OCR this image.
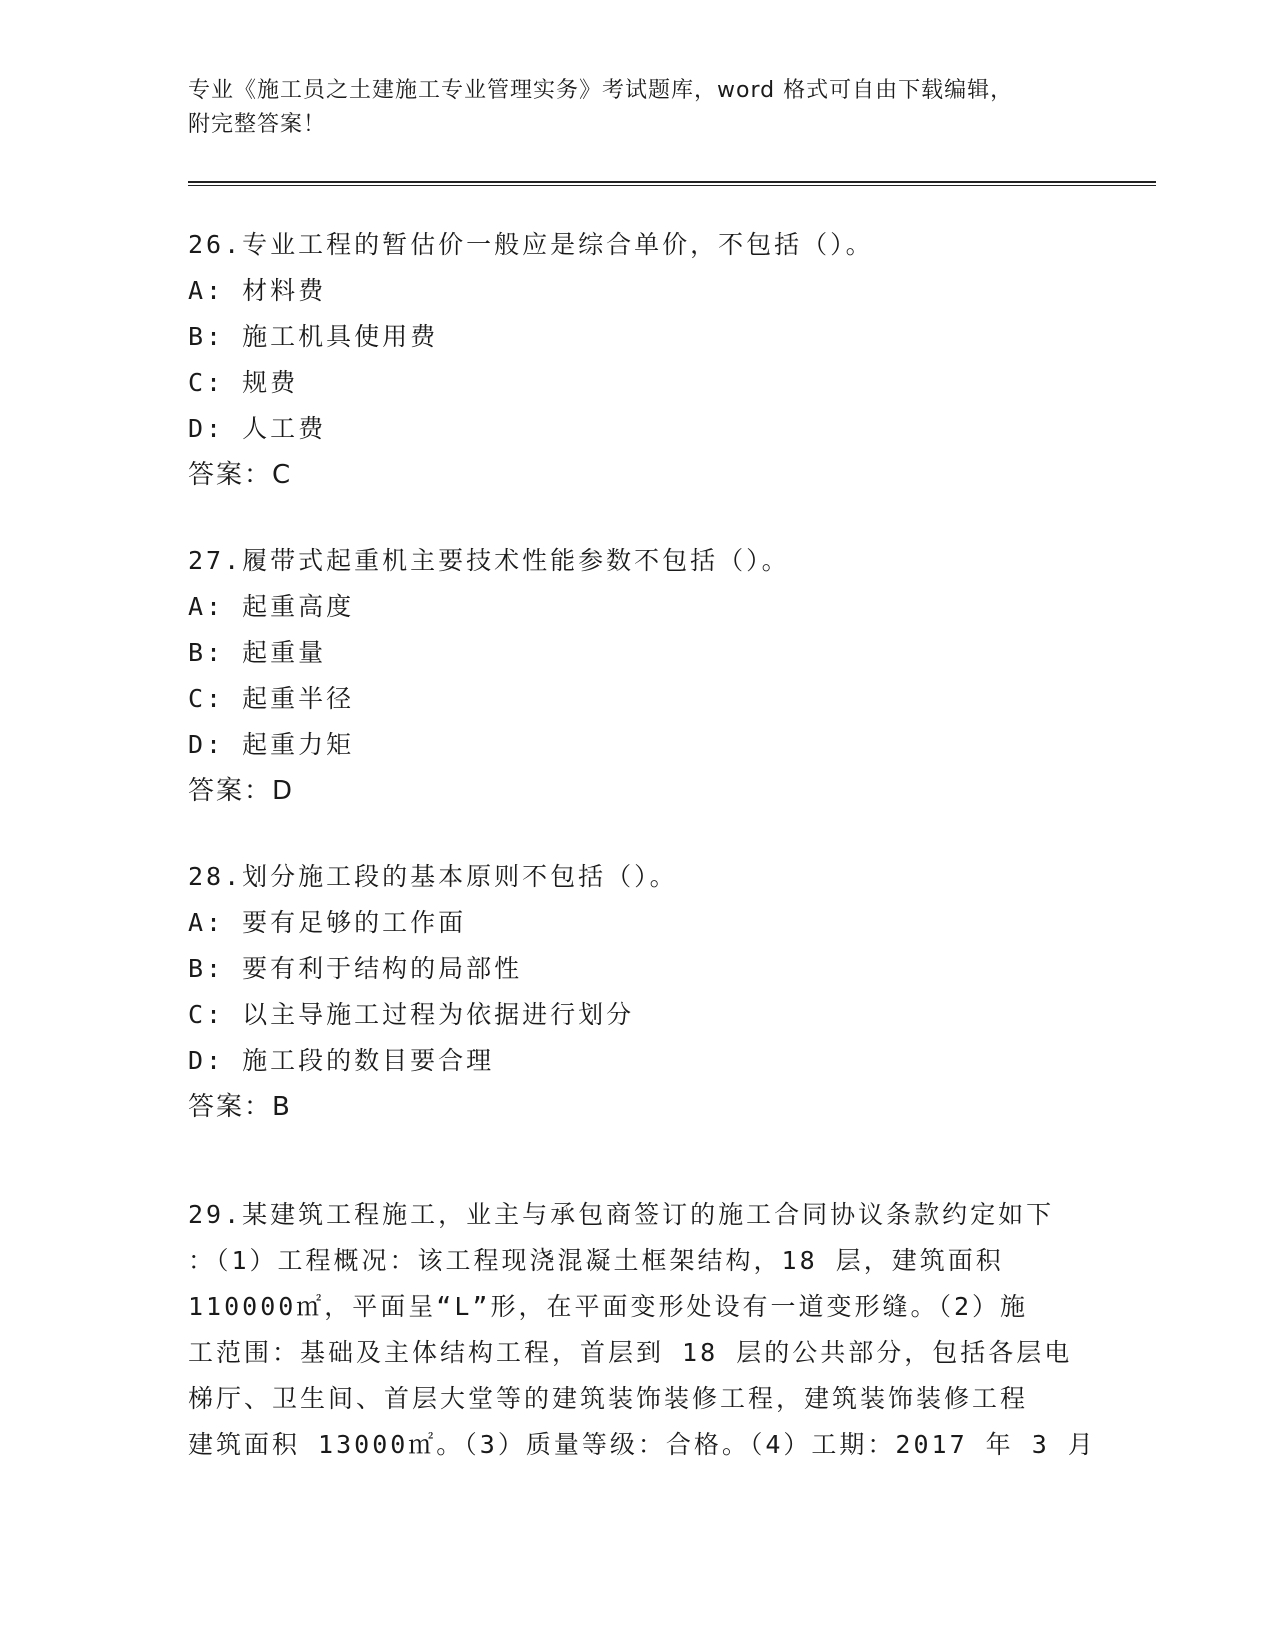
专业《施工员之土建施工专业管理实务》考试题库，word 格式可自由下载编辑，
附完整答案！
26.专业工程的暂估价一般应是综合单价，不包括（）。
A: 材料费
B: 施工机具使用费
C: 规费
D: 人工费
答案：C
27.履带式起重机主要技术性能参数不包括（）。
A: 起重高度
B: 起重量
C: 起重半径
D: 起重力矩
答案：D
28.划分施工段的基本原则不包括（）。
A: 要有足够的工作面
B: 要有利于结构的局部性
C: 以主导施工过程为依据进行划分
D: 施工段的数目要合理
答案：B
29.某建筑工程施工，业主与承包商签订的施工合同协议条款约定如下
：（1）工程概况：该工程现浇混凝土框架结构，18 层，建筑面积
110000㎡，平面呈“L”形，在平面变形处设有一道变形缝。（2）施
工范围：基础及主体结构工程，首层到 18 层的公共部分，包括各层电
梯厅、卫生间、首层大堂等的建筑装饰装修工程，建筑装饰装修工程
建筑面积 13000㎡。（3）质量等级：合格。（4）工期：2017 年 3 月
